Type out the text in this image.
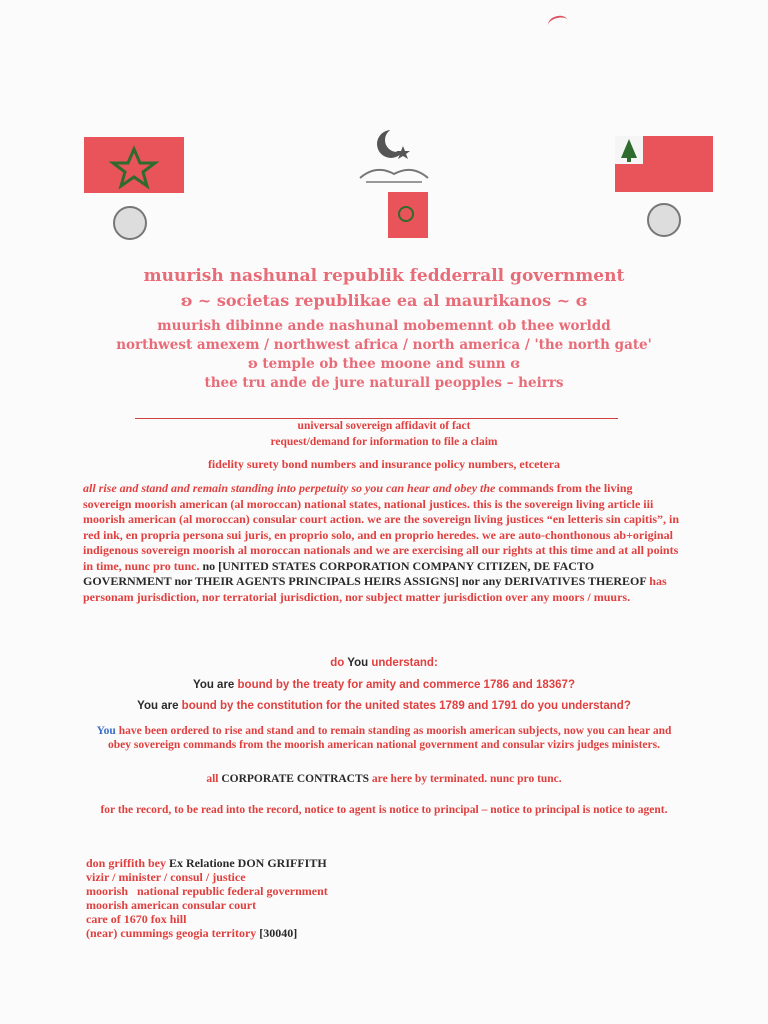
muurish nashunal republik fedderrall government
ʚ ~ societas republikae ea al maurikanos ~ ɞ
muurish dibinne ande nashunal mobemennt ob thee worldd
northwest amexem / northwest africa / north america / 'the north gate'
ʚ temple ob thee moone and sunn ɞ
thee tru ande de jure naturall peopples – heirrs
universal sovereign affidavit of fact
request/demand for information to file a claim
fidelity surety bond numbers and insurance policy numbers, etcetera
all rise and stand and remain standing into perpetuity so you can hear and obey the commands from the living sovereign moorish american (al moroccan) national states, national justices. this is the sovereign living article iii moorish american (al moroccan) consular court action. we are the sovereign living justices “en letteris sin capitis”, in red ink, en propria persona sui juris, en proprio solo, and en proprio heredes. we are auto-chonthonous ab+original indigenous sovereign moorish al moroccan nationals and we are exercising all our rights at this time and at all points in time, nunc pro tunc. no [UNITED STATES CORPORATION COMPANY CITIZEN, DE FACTO GOVERNMENT nor THEIR AGENTS PRINCIPALS HEIRS ASSIGNS] nor any DERIVATIVES THEREOF has personam jurisdiction, nor terratorial jurisdiction, nor subject matter jurisdiction over any moors / muurs.
do You understand:
You are bound by the treaty for amity and commerce 1786 and 18367?
You are bound by the constitution for the united states 1789 and 1791 do you understand?
You have been ordered to rise and stand and to remain standing as moorish american subjects, now you can hear and obey sovereign commands from the moorish american national government and consular vizirs judges ministers.
all CORPORATE CONTRACTS are here by terminated. nunc pro tunc.
for the record, to be read into the record, notice to agent is notice to principal – notice to principal is notice to agent.
don griffith bey Ex Relatione DON GRIFFITH
vizir / minister / consul / justice
moorish   national republic federal government
moorish american consular court
care of 1670 fox hill
(near) cummings geogia territory [30040]
